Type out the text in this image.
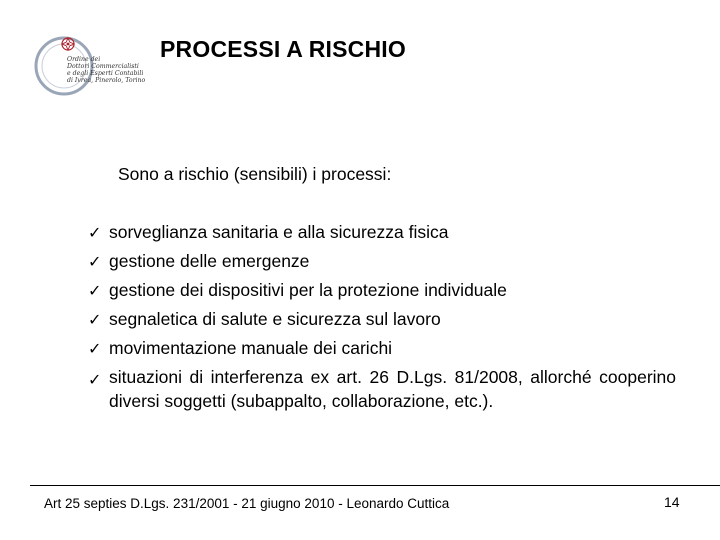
Ordine dei
Dottori Commercialisti
e degli Esperti Contabili
di Ivrea, Pinerolo, Torino
PROCESSI A RISCHIO
Sono a rischio (sensibili) i processi:
✓ sorveglianza sanitaria e alla sicurezza fisica
✓ gestione delle emergenze
✓ gestione dei dispositivi per la protezione individuale
✓ segnaletica di salute e sicurezza sul lavoro
✓ movimentazione manuale dei carichi
✓ situazioni di interferenza ex art. 26 D.Lgs. 81/2008, allorché cooperino diversi soggetti (subappalto, collaborazione, etc.).
Art 25 septies D.Lgs. 231/2001 - 21 giugno 2010 - Leonardo Cuttica	14
